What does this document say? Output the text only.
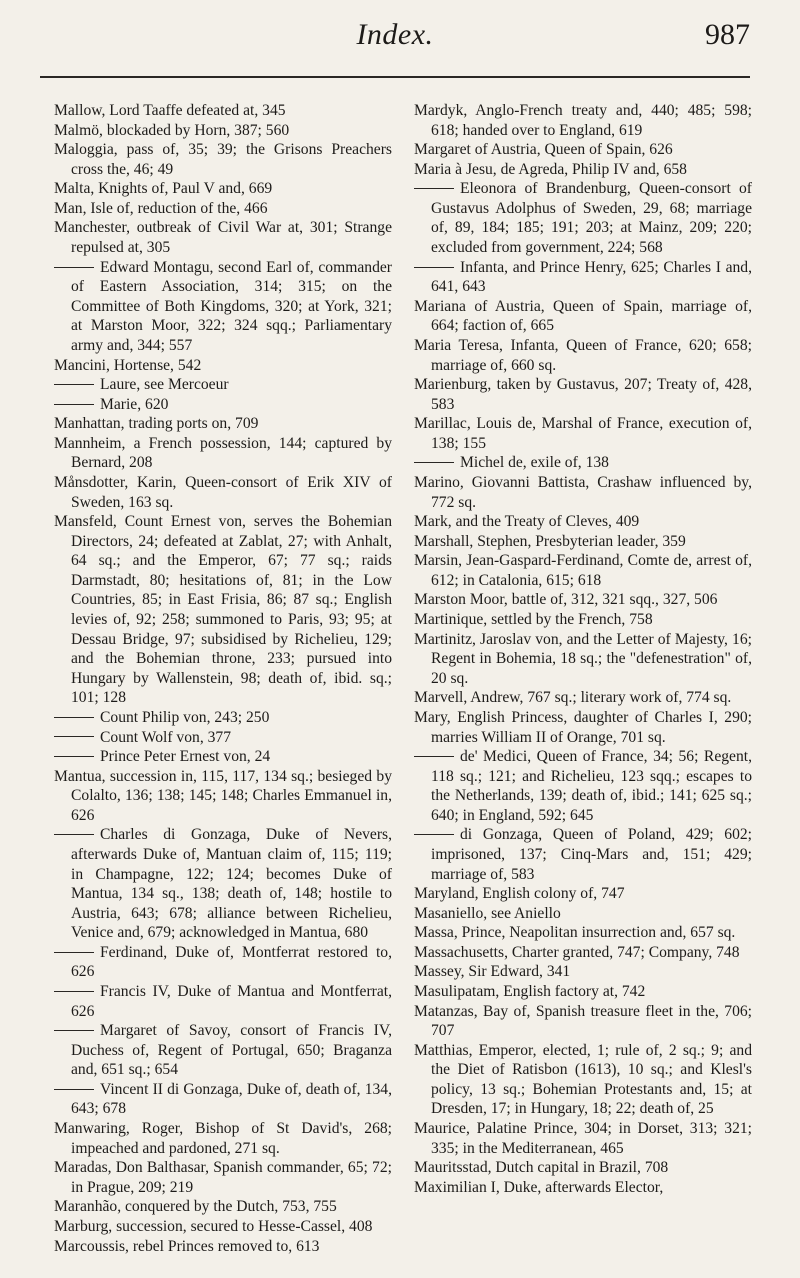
Index.	987

Mallow, Lord Taaffe defeated at, 345

Malmö, blockaded by Horn, 387; 560

Maloggia, pass of, 35; 39; the Grisons Preachers cross the, 46; 49

Malta, Knights of, Paul V and, 669

Man, Isle of, reduction of the, 466

Manchester, outbreak of Civil War at, 301; Strange repulsed at, 305

Edward Montagu, second Earl of, commander of Eastern Association, 314; 315; on the Committee of Both Kingdoms, 320; at York, 321; at Marston Moor, 322; 324 sqq.; Parliamentary army and, 344; 557

Mancini, Hortense, 542

Laure, see Mercoeur

Marie, 620

Manhattan, trading ports on, 709

Mannheim, a French possession, 144; captured by Bernard, 208

Månsdotter, Karin, Queen-consort of Erik XIV of Sweden, 163 sq.

Mansfeld, Count Ernest von, serves the Bohemian Directors, 24; defeated at Zablat, 27; with Anhalt, 64 sq.; and the Emperor, 67; 77 sq.; raids Darmstadt, 80; hesitations of, 81; in the Low Countries, 85; in East Frisia, 86; 87 sq.; English levies of, 92; 258; summoned to Paris, 93; 95; at Dessau Bridge, 97; subsidised by Richelieu, 129; and the Bohemian throne, 233; pursued into Hungary by Wallenstein, 98; death of, ibid. sq.; 101; 128

Count Philip von, 243; 250

Count Wolf von, 377

Prince Peter Ernest von, 24

Mantua, succession in, 115, 117, 134 sq.; besieged by Colalto, 136; 138; 145; 148; Charles Emmanuel in, 626

Charles di Gonzaga, Duke of Nevers, afterwards Duke of, Mantuan claim of, 115; 119; in Champagne, 122; 124; becomes Duke of Mantua, 134 sq., 138; death of, 148; hostile to Austria, 643; 678; alliance between Richelieu, Venice and, 679; acknowledged in Mantua, 680

Ferdinand, Duke of, Montferrat restored to, 626

Francis IV, Duke of Mantua and Montferrat, 626

Margaret of Savoy, consort of Francis IV, Duchess of, Regent of Portugal, 650; Braganza and, 651 sq.; 654

Vincent II di Gonzaga, Duke of, death of, 134, 643; 678

Manwaring, Roger, Bishop of St David's, 268; impeached and pardoned, 271 sq.

Maradas, Don Balthasar, Spanish commander, 65; 72; in Prague, 209; 219

Maranhão, conquered by the Dutch, 753, 755

Marburg, succession, secured to Hesse-Cassel, 408

Marcoussis, rebel Princes removed to, 613

Mardyk, Anglo-French treaty and, 440; 485; 598; 618; handed over to England, 619

Margaret of Austria, Queen of Spain, 626

Maria à Jesu, de Agreda, Philip IV and, 658

Eleonora of Brandenburg, Queen-consort of Gustavus Adolphus of Sweden, 29, 68; marriage of, 89, 184; 185; 191; 203; at Mainz, 209; 220; excluded from government, 224; 568

Infanta, and Prince Henry, 625; Charles I and, 641, 643

Mariana of Austria, Queen of Spain, marriage of, 664; faction of, 665

Maria Teresa, Infanta, Queen of France, 620; 658; marriage of, 660 sq.

Marienburg, taken by Gustavus, 207; Treaty of, 428, 583

Marillac, Louis de, Marshal of France, execution of, 138; 155

Michel de, exile of, 138

Marino, Giovanni Battista, Crashaw influenced by, 772 sq.

Mark, and the Treaty of Cleves, 409

Marshall, Stephen, Presbyterian leader, 359

Marsin, Jean-Gaspard-Ferdinand, Comte de, arrest of, 612; in Catalonia, 615; 618

Marston Moor, battle of, 312, 321 sqq., 327, 506

Martinique, settled by the French, 758

Martinitz, Jaroslav von, and the Letter of Majesty, 16; Regent in Bohemia, 18 sq.; the "defenestration" of, 20 sq.

Marvell, Andrew, 767 sq.; literary work of, 774 sq.

Mary, English Princess, daughter of Charles I, 290; marries William II of Orange, 701 sq.

de' Medici, Queen of France, 34; 56; Regent, 118 sq.; 121; and Richelieu, 123 sqq.; escapes to the Netherlands, 139; death of, ibid.; 141; 625 sq.; 640; in England, 592; 645

di Gonzaga, Queen of Poland, 429; 602; imprisoned, 137; Cinq-Mars and, 151; 429; marriage of, 583

Maryland, English colony of, 747

Masaniello, see Aniello

Massa, Prince, Neapolitan insurrection and, 657 sq.

Massachusetts, Charter granted, 747; Company, 748

Massey, Sir Edward, 341

Masulipatam, English factory at, 742

Matanzas, Bay of, Spanish treasure fleet in the, 706; 707

Matthias, Emperor, elected, 1; rule of, 2 sq.; 9; and the Diet of Ratisbon (1613), 10 sq.; and Klesl's policy, 13 sq.; Bohemian Protestants and, 15; at Dresden, 17; in Hungary, 18; 22; death of, 25

Maurice, Palatine Prince, 304; in Dorset, 313; 321; 335; in the Mediterranean, 465

Mauritsstad, Dutch capital in Brazil, 708

Maximilian I, Duke, afterwards Elector,
